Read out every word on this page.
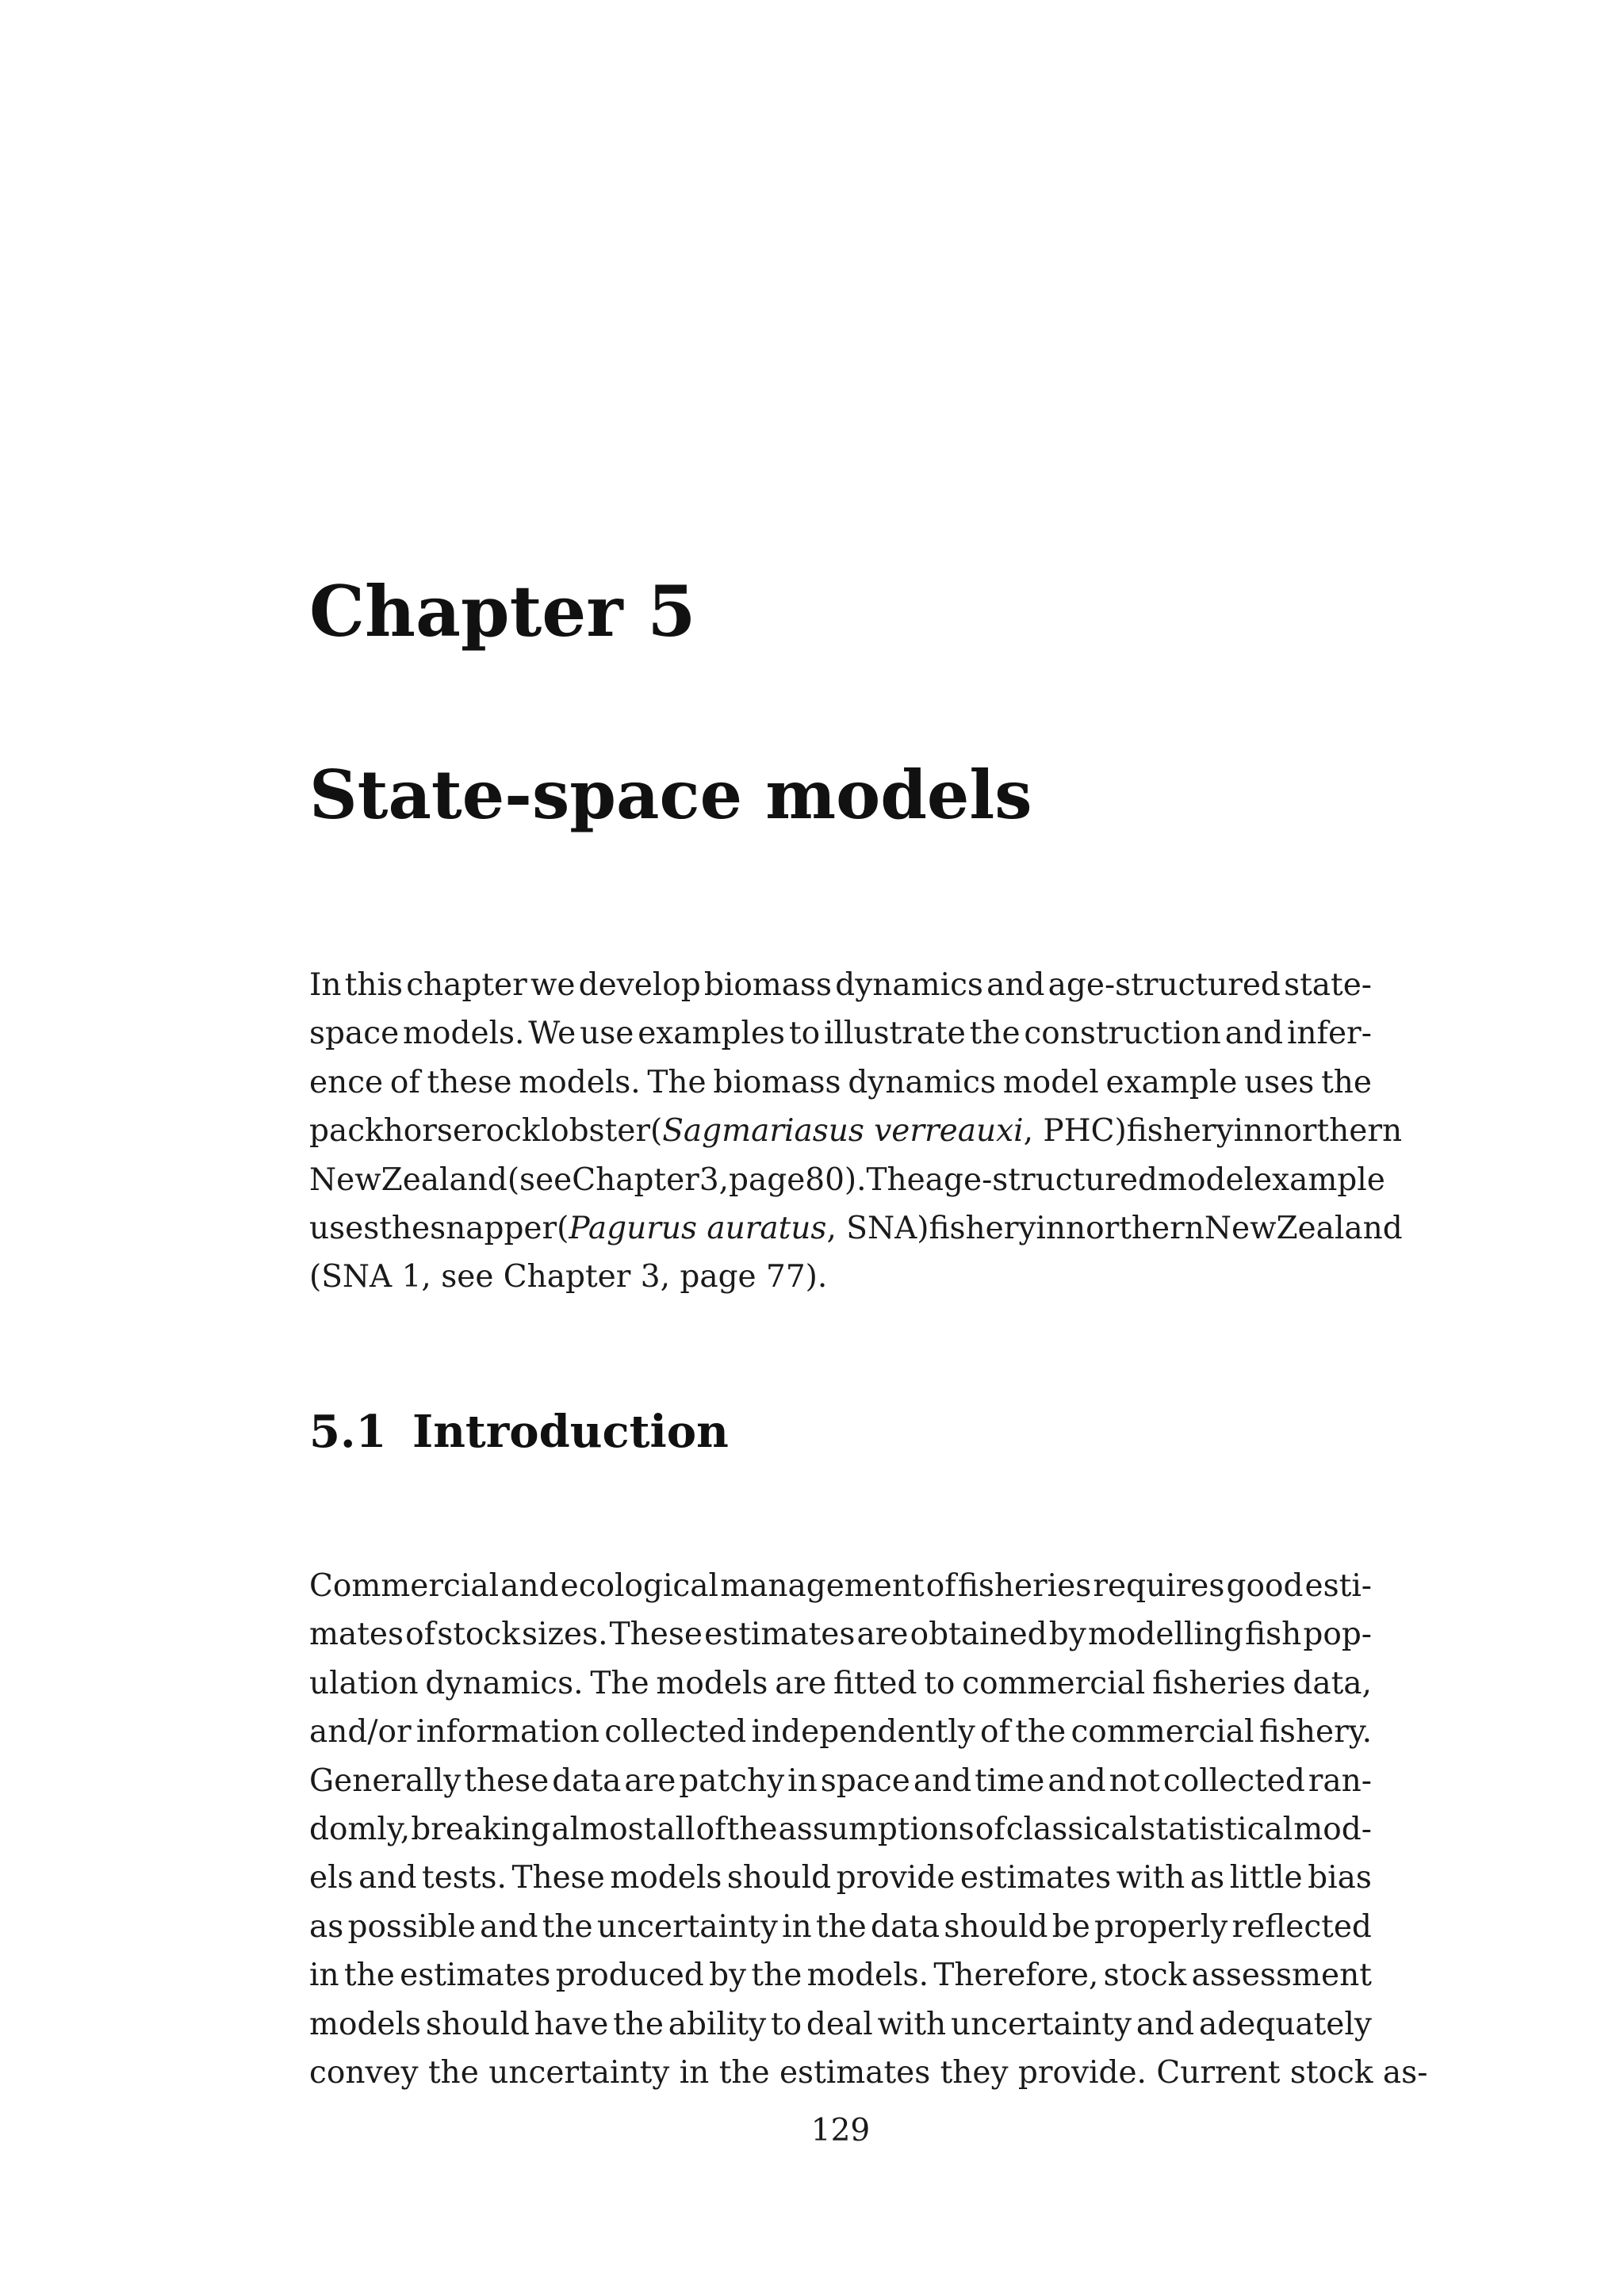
Chapter 5
State-space models
In this chapter we develop biomass dynamics and age-structured state-
space models. We use examples to illustrate the construction and infer-
ence of these models. The biomass dynamics model example uses the
packhorse rock lobster (Sagmariasus verreauxi, PHC) fishery in northern
New Zealand (see Chapter 3, page 80). The age-structured model example
uses the snapper (Pagurus auratus, SNA) fishery in northern New Zealand
(SNA 1, see Chapter 3, page 77).
5.1 Introduction
Commercial and ecological management of fisheries requires good esti-
mates of stock sizes. These estimates are obtained by modelling fish pop-
ulation dynamics. The models are fitted to commercial fisheries data,
and/or information collected independently of the commercial fishery.
Generally these data are patchy in space and time and not collected ran-
domly, breaking almost all of the assumptions of classical statistical mod-
els and tests. These models should provide estimates with as little bias
as possible and the uncertainty in the data should be properly reflected
in the estimates produced by the models. Therefore, stock assessment
models should have the ability to deal with uncertainty and adequately
convey the uncertainty in the estimates they provide. Current stock as-
129
